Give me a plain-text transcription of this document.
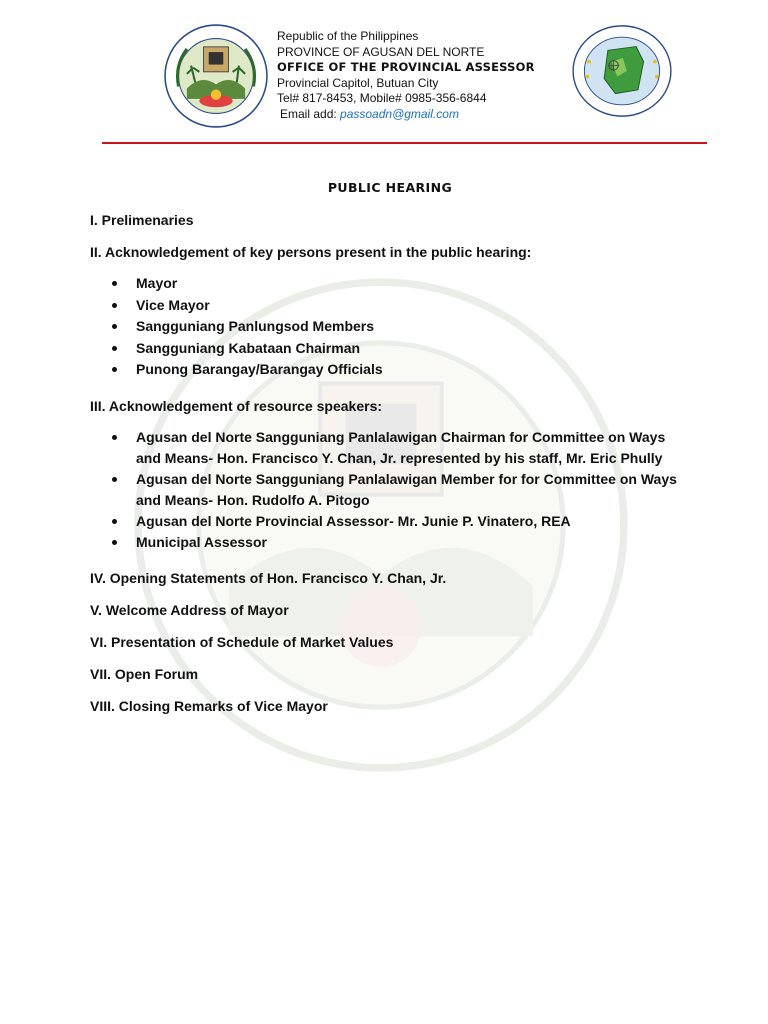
Republic of the Philippines
PROVINCE OF AGUSAN DEL NORTE
OFFICE OF THE PROVINCIAL ASSESSOR
Provincial Capitol, Butuan City
Tel# 817-8453, Mobile# 0985-356-6844
Email add: passoadn@gmail.com
PUBLIC HEARING
I. Prelimenaries
II. Acknowledgement of key persons present in the public hearing:
Mayor
Vice Mayor
Sangguniang Panlungsod Members
Sangguniang Kabataan Chairman
Punong Barangay/Barangay Officials
III. Acknowledgement of resource speakers:
Agusan del Norte Sangguniang Panlalawigan Chairman for Committee on Ways and Means- Hon. Francisco Y. Chan, Jr. represented by his staff, Mr. Eric Phully
Agusan del Norte Sangguniang Panlalawigan Member for for Committee on Ways and Means- Hon. Rudolfo A. Pitogo
Agusan del Norte Provincial Assessor- Mr. Junie P. Vinatero, REA
Municipal Assessor
IV. Opening Statements of Hon. Francisco Y. Chan, Jr.
V. Welcome Address of Mayor
VI. Presentation of Schedule of Market Values
VII. Open Forum
VIII. Closing Remarks of Vice Mayor
